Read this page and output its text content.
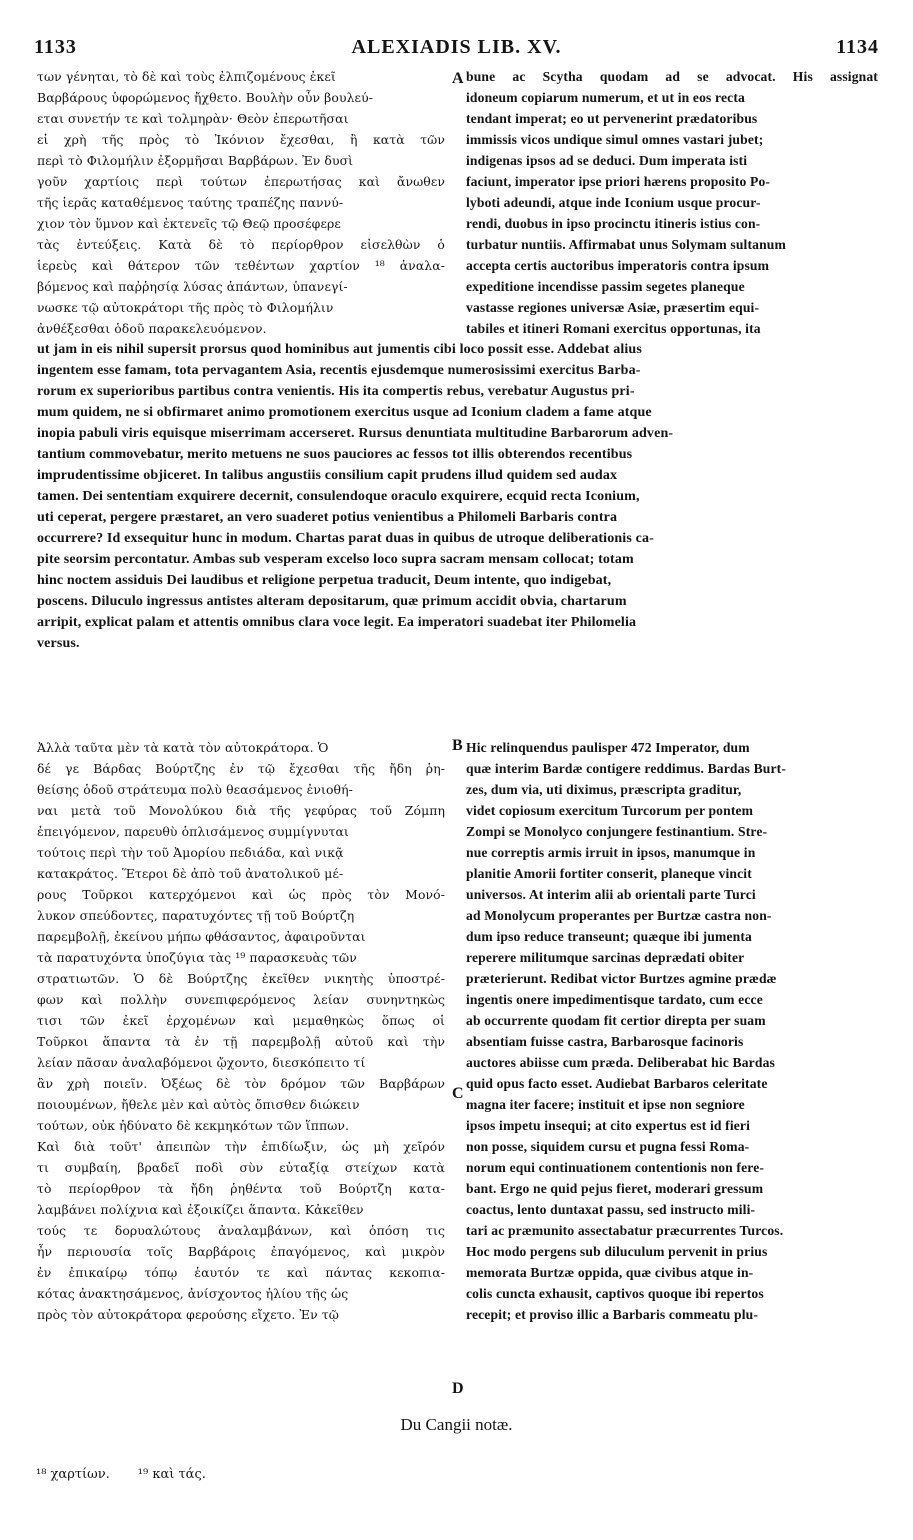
1133	ALEXIADIS LIB. XV.	1134
των γένηται, τὸ δὲ καὶ τοὺς ἐλπιζομένους ἐκεῖ
Βαρβάρους ὑφορώμενος ἤχθετο. Βουλὴν οὖν βουλεύ-
εται συνετήν τε καὶ τολμηρὰν· Θεὸν ἐπερωτῆσαι
εἰ χρὴ τῆς πρὸς τὸ Ἰκόνιον ἔχεσθαι, ἢ κατὰ τῶν
περὶ τὸ Φιλομήλιν ἐξορμῆσαι Βαρβάρων. Ἐν δυσὶ
γοῦν χαρτίοις περὶ τούτων ἐπερωτήσας καὶ ἄνωθεν
τῆς ἱερᾶς καταθέμενος ταύτης τραπέζης παννύ-
χιον τὸν ὕμνον καὶ ἐκτενεῖς τῷ Θεῷ προσέφερε
τὰς ἐντεύξεις. Κατὰ δὲ τὸ περίορθρον εἰσελθὼν ὁ
ἱερεὺς καὶ θάτερον τῶν τεθέντων χαρτίον ¹⁸ ἀναλα-
βόμενος καὶ παῤῥησίᾳ λύσας ἁπάντων, ὑπανεγί-
νωσκε τῷ αὐτοκράτορι τῆς πρὸς τὸ Φιλομήλιν
ἀνθέξεσθαι ὁδοῦ παρακελευόμενον.
A bune ac Scytha quodam ad se advocat. His assignat
idoneum copiarum numerum, et ut in eos recta
tendant imperat; eo ut pervenerint prædatoribus
immissis vicos undique simul omnes vastari jubet;
indigenas ipsos ad se deduci. Dum imperata isti
faciunt, imperator ipse priori hærens proposito Po-
lyboti adeundi, atque inde Iconium usque procur-
rendi, duobus in ipso procinctu itineris istius con-
turbatur nuntiis. Affirmabat unus Solymam sultanum
accepta certis auctoribus imperatoris contra ipsum
expeditione incendisse passim segetes planeque
vastasse regiones universæ Asiæ, præsertim equi-
tabiles et itineri Romani exercitus opportunas, ita
ut jam in eis nihil supersit prorsus quod hominibus aut jumentis cibi loco possit esse. Addebat alius
ingentem esse famam, tota pervagantem Asia, recentis ejusdemque numerosissimi exercitus Barba-
rorum ex superioribus partibus contra venientis. His ita compertis rebus, verebatur Augustus pri-
mum quidem, ne si obfirmaret animo promotionem exercitus usque ad Iconium cladem a fame atque
inopia pabuli viris equisque miserrimam accerseret. Rursus denuntiata multitudine Barbarorum adven-
tantium commovebatur, merito metuens ne suos pauciores ac fessos tot illis obterendos recentibus
imprudentissime objiceret. In talibus angustiis consilium capit prudens illud quidem sed audax
tamen. Dei sententiam exquirere decernit, consulendoque oraculo exquirere, ecquid recta Iconium,
uti ceperat, pergere præstaret, an vero suaderet potius venientibus a Philomeli Barbaris contra
occurrere? Id exsequitur hunc in modum. Chartas parat duas in quibus de utroque deliberationis ca-
pite seorsim percontatur. Ambas sub vesperam excelso loco supra sacram mensam collocat; totam
hinc noctem assiduis Dei laudibus et religione perpetua traducit, Deum intente, quo indigebat,
poscens. Diluculo ingressus antistes alteram depositarum, quæ primum accidit obvia, chartarum
arripit, explicat palam et attentis omnibus clara voce legit. Ea imperatori suadebat iter Philomelia
versus.
Ἀλλὰ ταῦτα μὲν τὰ κατὰ τὸν αὐτοκράτορα. Ὁ
δέ γε Βάρδας Βούρτζης ἐν τῷ ἔχεσθαι τῆς ἤδη ῥη-
θείσης ὁδοῦ στράτευμα πολὺ θεασάμενος ἐνιοθή-
ναι μετὰ τοῦ Μονολύκου διὰ τῆς γεφύρας τοῦ Ζόμπη
ἐπειγόμενον, παρευθὺ ὁπλισάμενος συμμίγνυται
τούτοις περὶ τὴν τοῦ Ἀμορίου πεδιάδα, καὶ νικᾷ
κατακράτος. Ἕτεροι δὲ ἀπὸ τοῦ ἀνατολικοῦ μέ-
ρους Τοῦρκοι κατερχόμενοι καὶ ὡς πρὸς τὸν Μονό-
λυκον σπεύδοντες, παρατυχόντες τῇ τοῦ Βούρτζη
παρεμβολῇ, ἐκείνου μήπω φθάσαντος, ἀφαιροῦνται
τὰ παρατυχόντα ὑποζύγια τὰς ¹⁹ παρασκευὰς τῶν
στρατιωτῶν. Ὁ δὲ Βούρτζης ἐκεῖθεν νικητὴς ὑποστρέ-
φων καὶ πολλὴν συνεπιφερόμενος λείαν συνηντηκὼς
τισι τῶν ἐκεῖ ἐρχομένων καὶ μεμαθηκὼς ὅπως οἱ
Τοῦρκοι ἅπαντα τὰ ἐν τῇ παρεμβολῇ αὐτοῦ καὶ τὴν
λείαν πᾶσαν ἀναλαβόμενοι ᾤχοντο, διεσκόπειτο τί
ἂν χρὴ ποιεῖν. Ὀξέως δὲ τὸν δρόμον τῶν Βαρβάρων
ποιουμένων, ἤθελε μὲν καὶ αὐτὸς ὄπισθεν διώκειν
τούτων, οὐκ ἠδύνατο δὲ κεκμηκότων τῶν ἵππων.
Καὶ διὰ τοῦτ' ἀπειπὼν τὴν ἐπιδίωξιν, ὡς μὴ χεῖρόν
τι συμβαίη, βραδεῖ ποδὶ σὺν εὐταξίᾳ στείχων κατὰ
τὸ περίορθρον τὰ ἤδη ῥηθέντα τοῦ Βούρτζη κατα-
λαμβάνει πολίχνια καὶ ἐξοικίζει ἅπαντα. Κἀκεῖθεν
τούς τε δορυαλώτους ἀναλαμβάνων, καὶ ὁπόση τις
ἦν περιουσία τοῖς Βαρβάροις ἐπαγόμενος, καὶ μικρὸν
ἐν ἐπικαίρῳ τόπῳ ἑαυτόν τε καὶ πάντας κεκοπια-
κότας ἀνακτησάμενος, ἀνίσχοντος ἡλίου τῆς ὡς
πρὸς τὸν αὐτοκράτορα φερούσης εἴχετο. Ἐν τῷ
B
C
D
Hic relinquendus paulisper 472 Imperator, dum
quæ interim Bardæ contigere reddimus. Bardas Burt-
zes, dum via, uti diximus, præscripta graditur,
videt copiosum exercitum Turcorum per pontem
Zompi se Monolyco conjungere festinantium. Stre-
nue correptis armis irruit in ipsos, manumque in
planitie Amorii fortiter conserit, planeque vincit
universos. At interim alii ab orientali parte Turci
ad Monolycum properantes per Burtzæ castra non-
dum ipso reduce transeunt; quæque ibi jumenta
reperere militumque sarcinas deprædati obiter
præterierunt. Redibat victor Burtzes agmine prædæ
ingentis onere impedimentisque tardato, cum ecce
ab occurrente quodam fit certior direpta per suam
absentiam fuisse castra, Barbarosque facinoris
auctores abiisse cum præda. Deliberabat hic Bardas
quid opus facto esset. Audiebat Barbaros celeritate
magna iter facere; instituit et ipse non segniore
ipsos impetu insequi; at cito expertus est id fieri
non posse, siquidem cursu et pugna fessi Roma-
norum equi continuationem contentionis non fere-
bant. Ergo ne quid pejus fieret, moderari gressum
coactus, lento duntaxat passu, sed instructo mili-
tari ac præmunito assectabatur præcurrentes Turcos.
Hoc modo pergens sub diluculum pervenit in prius
memorata Burtzæ oppida, quæ civibus atque in-
colis cuncta exhausit, captivos quoque ibi repertos
recepit; et proviso illic a Barbaris commeatu plu-
Du Cangii notæ.
¹⁸ χαρτίων. ¹⁹ καὶ τάς.
